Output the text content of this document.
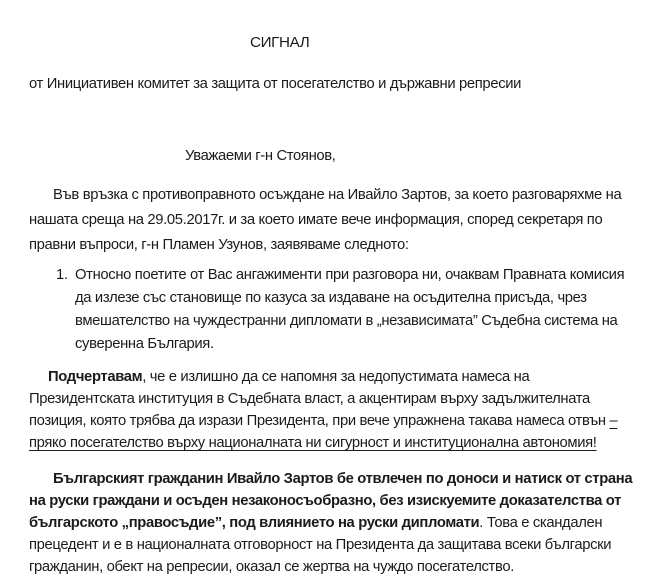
СИГНАЛ
от Инициативен комитет за защита от посегателство и държавни репресии
Уважаеми г-н Стоянов,
Във връзка с противоправното осъждане на Ивайло Зартов, за което разговаряхме на нашата среща на 29.05.2017г. и за което имате вече информация, според секретаря по правни въпроси, г-н Пламен Узунов, заявяваме следното:
1. Относно поетите от Вас ангажименти при разговора ни, очаквам Правната комисия да излезе със становище по казуса за издаване на осъдителна присъда, чрез вмешателство на чуждестранни дипломати в „независимата” Съдебна система на суверенна България.
Подчертавам, че е излишно да се напомня за недопустимата намеса на Президентската институция в Съдебната власт, а акцентирам върху задължителната позиция, която трябва да изрази Президента, при вече упражнена такава намеса отвън – пряко посегателство върху националната ни сигурност и институционална автономия!
Българският гражданин Ивайло Зартов бе отвлечен по доноси и натиск от страна на руски граждани и осъден незаконосъобразно, без изискуемите доказателства от българското „правосъдие”, под влиянието на руски дипломати. Това е скандален прецедент и е в националната отговорност на Президента да защитава всеки български гражданин, обект на репресии, оказал се жертва на чуждо посегателство.
